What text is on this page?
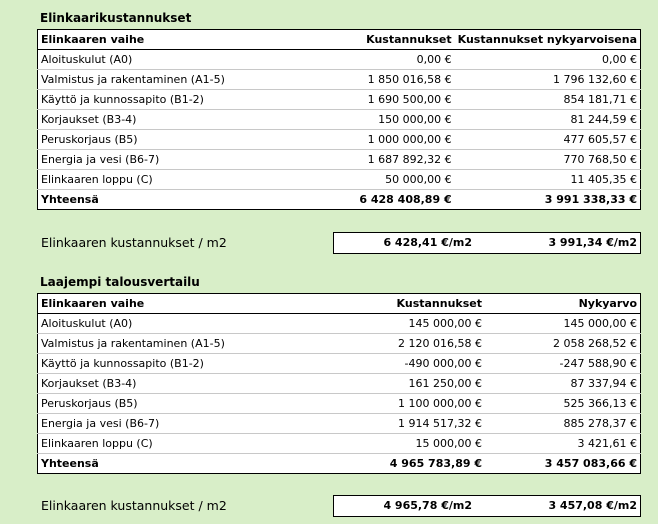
Elinkaarikustannukset
Elinkaaren vaihe	Kustannukset	Kustannukset nykyarvoisena
Aloituskulut (A0)	0,00 €	0,00 €
Valmistus ja rakentaminen (A1-5)	1 850 016,58 €	1 796 132,60 €
Käyttö ja kunnossapito (B1-2)	1 690 500,00 €	854 181,71 €
Korjaukset (B3-4)	150 000,00 €	81 244,59 €
Peruskorjaus (B5)	1 000 000,00 €	477 605,57 €
Energia ja vesi (B6-7)	1 687 892,32 €	770 768,50 €
Elinkaaren loppu (C)	50 000,00 €	11 405,35 €
Yhteensä	6 428 408,89 €	3 991 338,33 €
Elinkaaren kustannukset / m2	6 428,41 €/m2	3 991,34 €/m2
Laajempi talousvertailu
Elinkaaren vaihe	Kustannukset	Nykyarvo
Aloituskulut (A0)	145 000,00 €	145 000,00 €
Valmistus ja rakentaminen (A1-5)	2 120 016,58 €	2 058 268,52 €
Käyttö ja kunnossapito (B1-2)	-490 000,00 €	-247 588,90 €
Korjaukset (B3-4)	161 250,00 €	87 337,94 €
Peruskorjaus (B5)	1 100 000,00 €	525 366,13 €
Energia ja vesi (B6-7)	1 914 517,32 €	885 278,37 €
Elinkaaren loppu (C)	15 000,00 €	3 421,61 €
Yhteensä	4 965 783,89 €	3 457 083,66 €
Elinkaaren kustannukset / m2	4 965,78 €/m2	3 457,08 €/m2
